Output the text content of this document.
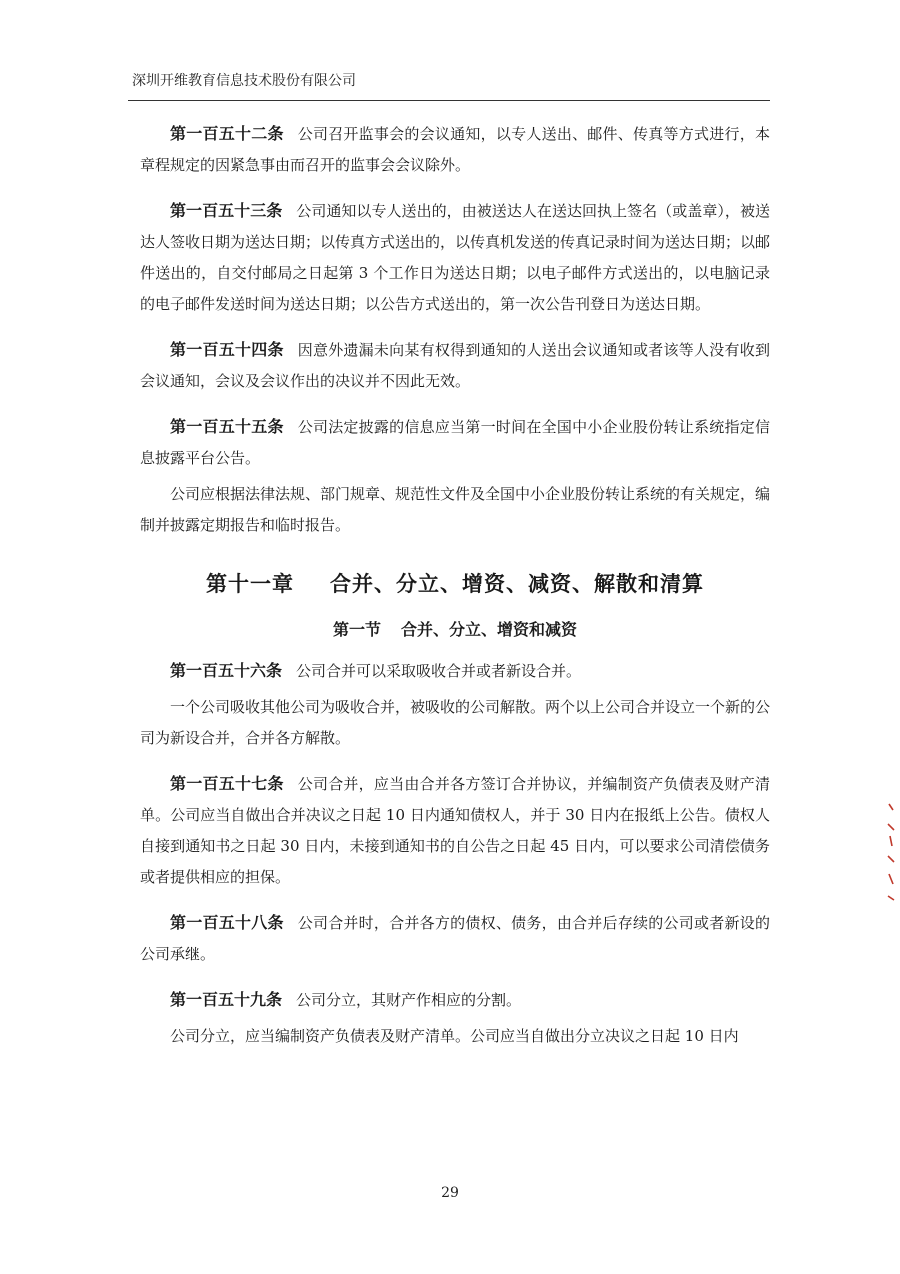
深圳开维教育信息技术股份有限公司

第一百五十二条 公司召开监事会的会议通知，以专人送出、邮件、传真等方式进行，本章程规定的因紧急事由而召开的监事会会议除外。

第一百五十三条 公司通知以专人送出的，由被送达人在送达回执上签名（或盖章），被送达人签收日期为送达日期；以传真方式送出的，以传真机发送的传真记录时间为送达日期；以邮件送出的，自交付邮局之日起第 3 个工作日为送达日期；以电子邮件方式送出的，以电脑记录的电子邮件发送时间为送达日期；以公告方式送出的，第一次公告刊登日为送达日期。

第一百五十四条 因意外遗漏未向某有权得到通知的人送出会议通知或者该等人没有收到会议通知，会议及会议作出的决议并不因此无效。

第一百五十五条 公司法定披露的信息应当第一时间在全国中小企业股份转让系统指定信息披露平台公告。

公司应根据法律法规、部门规章、规范性文件及全国中小企业股份转让系统的有关规定，编制并披露定期报告和临时报告。

第十一章 合并、分立、增资、减资、解散和清算
第一节 合并、分立、增资和减资

第一百五十六条 公司合并可以采取吸收合并或者新设合并。

一个公司吸收其他公司为吸收合并，被吸收的公司解散。两个以上公司合并设立一个新的公司为新设合并，合并各方解散。

第一百五十七条 公司合并，应当由合并各方签订合并协议，并编制资产负债表及财产清单。公司应当自做出合并决议之日起 10 日内通知债权人，并于 30 日内在报纸上公告。债权人自接到通知书之日起 30 日内，未接到通知书的自公告之日起 45 日内，可以要求公司清偿债务或者提供相应的担保。

第一百五十八条 公司合并时，合并各方的债权、债务，由合并后存续的公司或者新设的公司承继。

第一百五十九条 公司分立，其财产作相应的分割。

公司分立，应当编制资产负债表及财产清单。公司应当自做出分立决议之日起 10 日内

29
